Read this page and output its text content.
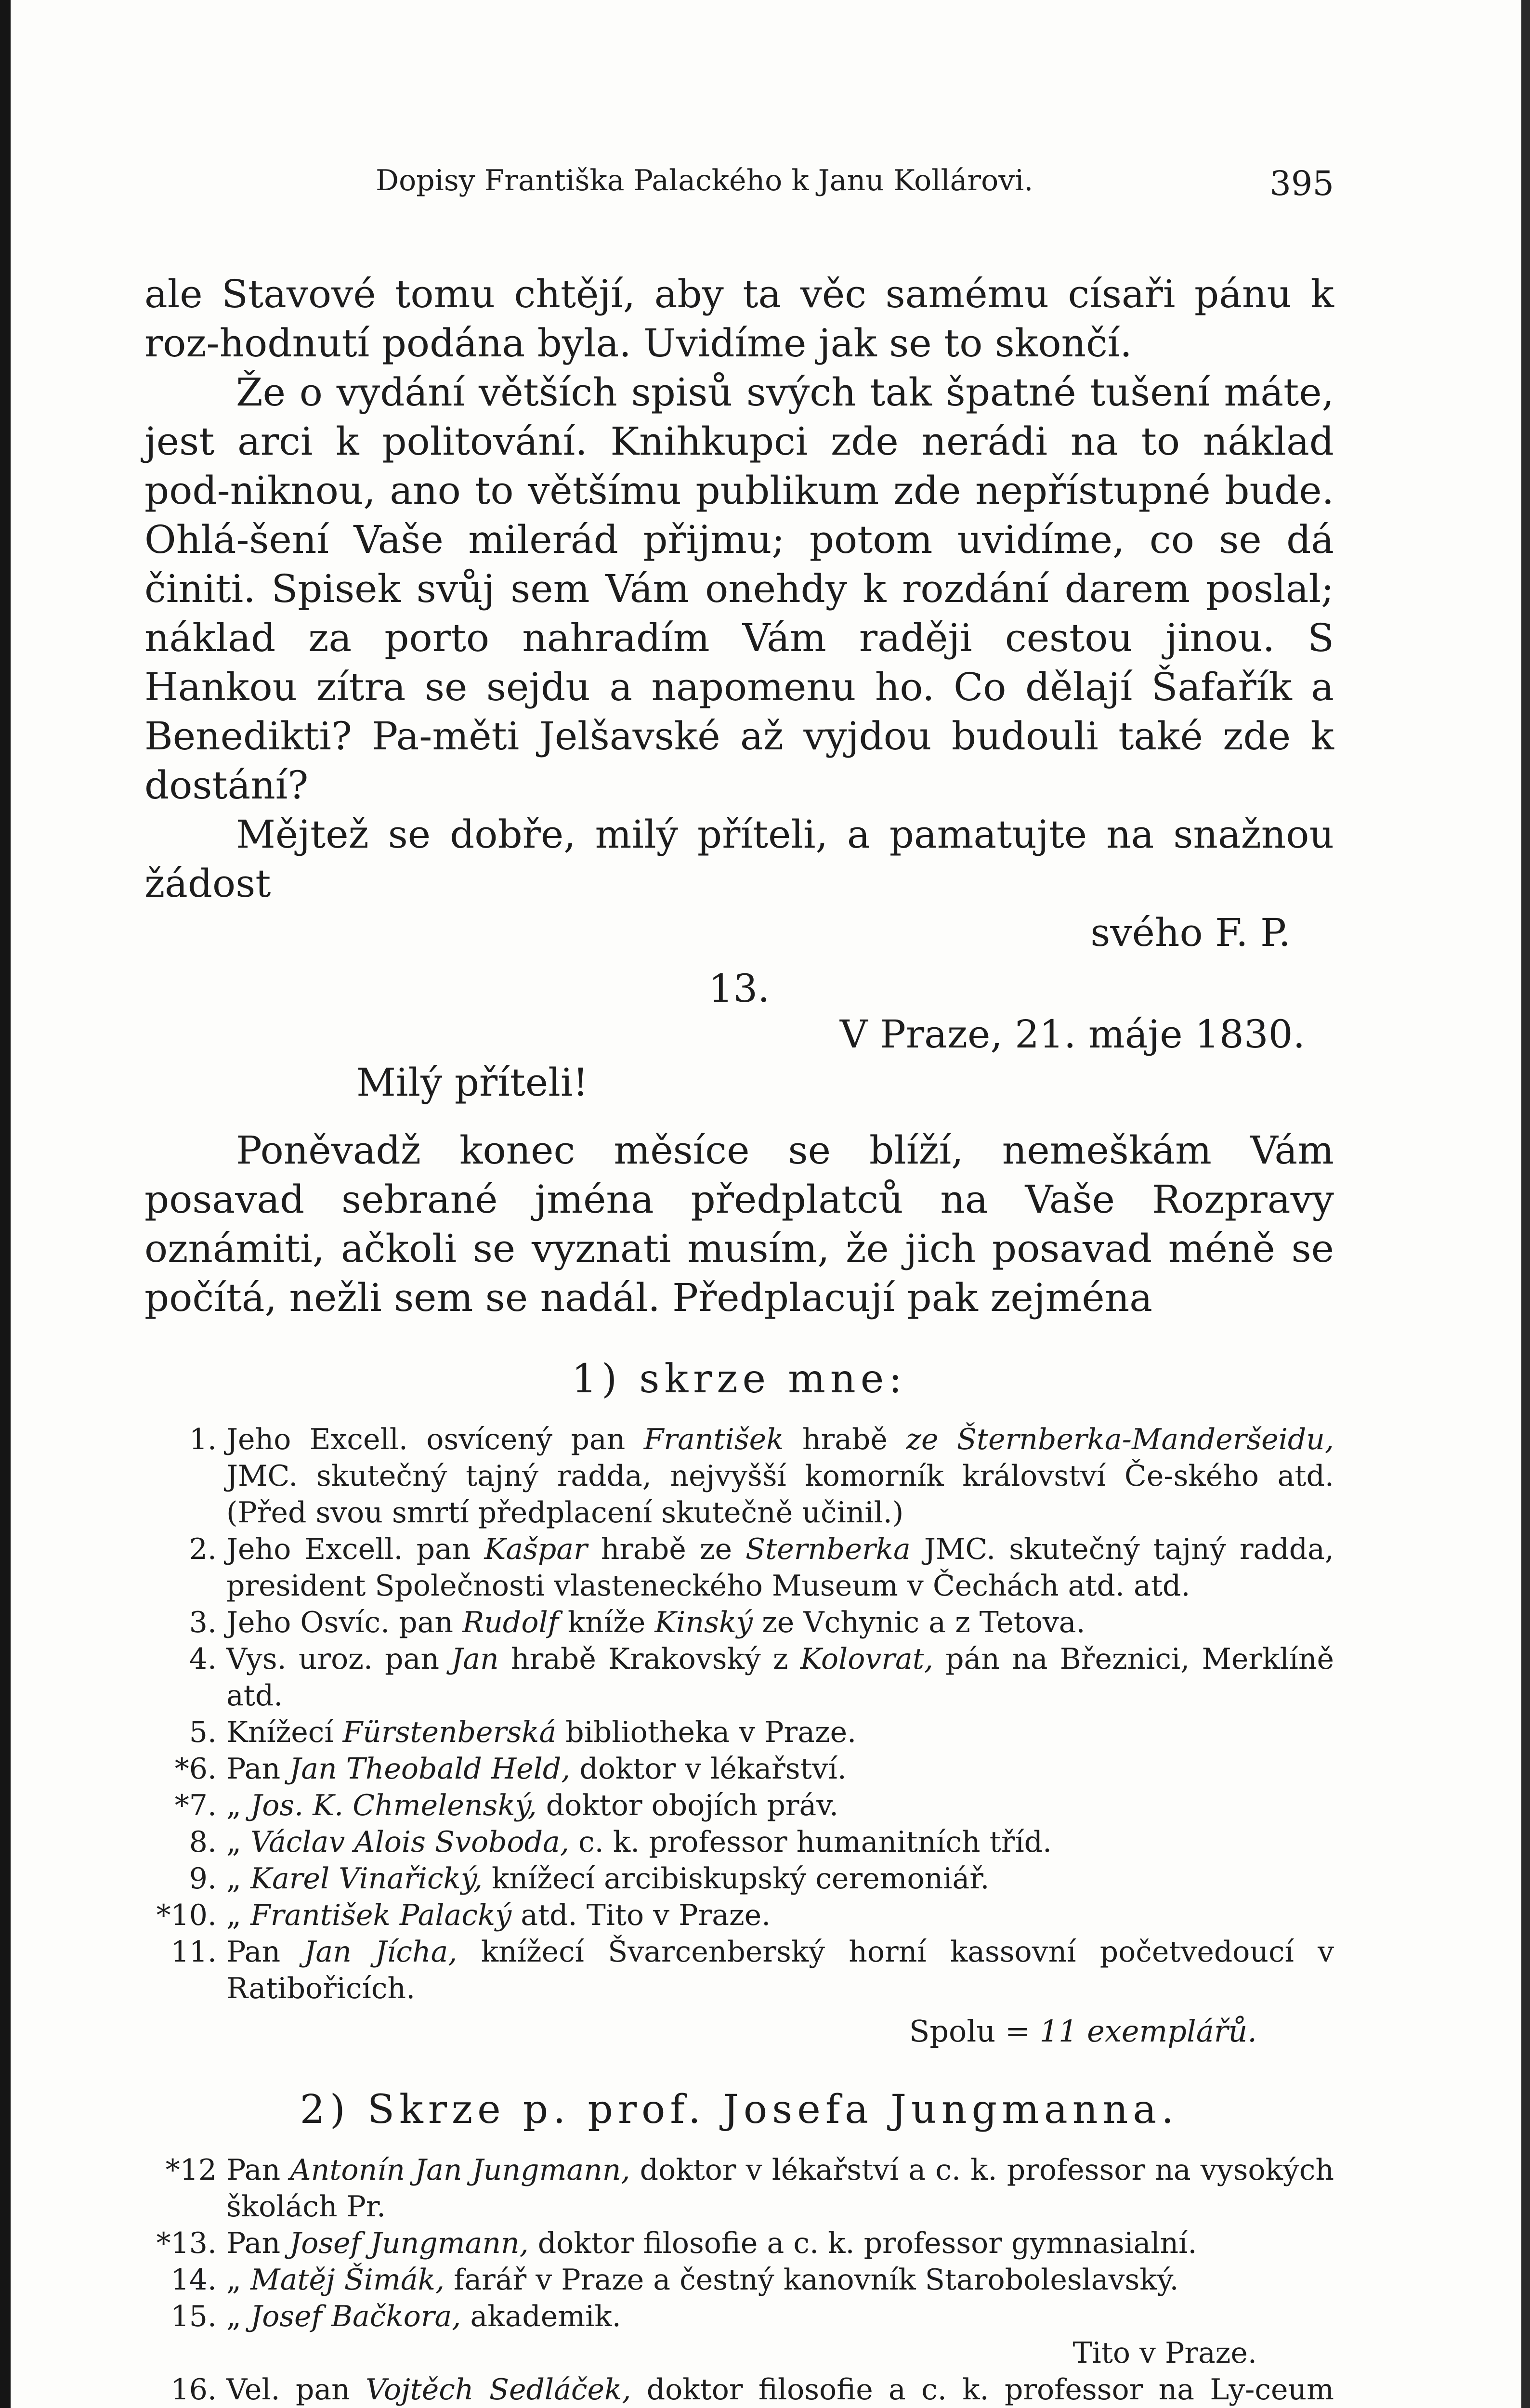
Dopisy Františka Palackého k Janu Kollárovi.	395

ale Stavové tomu chtějí, aby ta věc samému císaři pánu k roz-hodnutí podána byla. Uvidíme jak se to skončí.

Že o vydání větších spisů svých tak špatné tušení máte, jest arci k politování. Knihkupci zde nerádi na to náklad pod-niknou, ano to většímu publikum zde nepřístupné bude. Ohlá-šení Vaše milerád přijmu; potom uvidíme, co se dá činiti. Spisek svůj sem Vám onehdy k rozdání darem poslal; náklad za porto nahradím Vám raději cestou jinou. S Hankou zítra se sejdu a napomenu ho. Co dělají Šafařík a Benedikti? Pa-měti Jelšavské až vyjdou budouli také zde k dostání?

Mějtež se dobře, milý příteli, a pamatujte na snažnou žádost

svého F. P.
13.
V Praze, 21. máje 1830.
Milý příteli!

Poněvadž konec měsíce se blíží, nemeškám Vám posavad sebrané jména předplatců na Vaše Rozpravy oznámiti, ačkoli se vyznati musím, že jich posavad méně se počítá, nežli sem se nadál. Předplacují pak zejména

1) skrze mne:
1. Jeho Excell. osvícený pan František hrabě ze Šternberka-Manderšeidu, JMC. skutečný tajný radda, nejvyšší komorník království Če-ského atd. (Před svou smrtí předplacení skutečně učinil.)
2. Jeho Excell. pan Kašpar hrabě ze Sternberka JMC. skutečný tajný radda, president Společnosti vlasteneckého Museum v Čechách atd. atd.
3. Jeho Osvíc. pan Rudolf kníže Kinský ze Vchynic a z Tetova.
4. Vys. uroz. pan Jan hrabě Krakovský z Kolovrat, pán na Březnici, Merklíně atd.
5. Knížecí Fürstenberská bibliotheka v Praze.
*6. Pan Jan Theobald Held, doktor v lékařství.
*7. „ Jos. K. Chmelenský, doktor obojích práv.
8. „ Václav Alois Svoboda, c. k. professor humanitních tříd.
9. „ Karel Vinařický, knížecí arcibiskupský ceremoniář.
*10. „ František Palacký atd. Tito v Praze.
11. Pan Jan Jícha, knížecí Švarcenberský horní kassovní početvedoucí v Ratibořicích.
Spolu = 11 exemplářů.
2) Skrze p. prof. Josefa Jungmanna.
*12 Pan Antonín Jan Jungmann, doktor v lékařství a c. k. professor na vysokých školách Pr.
*13. Pan Josef Jungmann, doktor filosofie a c. k. professor gymnasialní.
14. „ Matěj Šimák, farář v Praze a čestný kanovník Staroboleslavský.
15. „ Josef Bačkora, akademik.
Tito v Praze.
16. Vel. pan Vojtěch Sedláček, doktor filosofie a c. k. professor na Ly-ceum
